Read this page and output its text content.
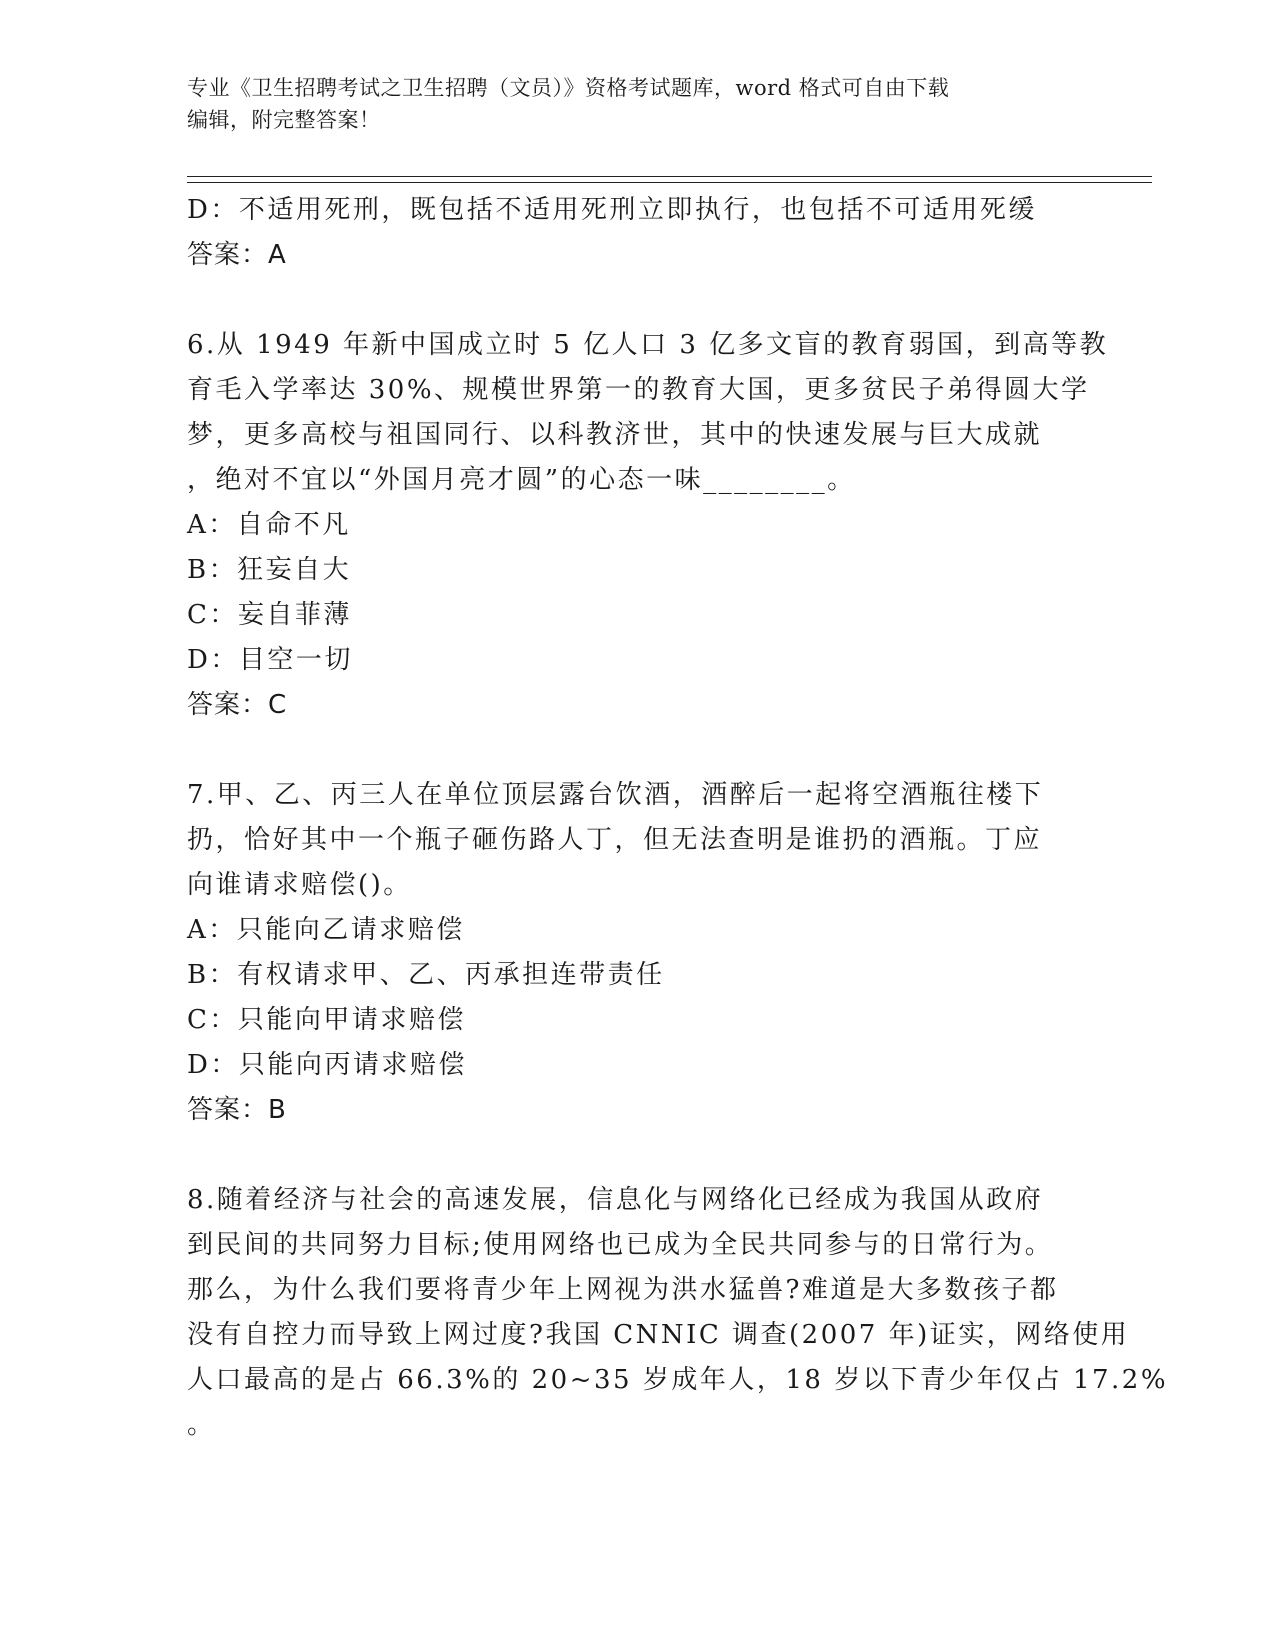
专业《卫生招聘考试之卫生招聘（文员）》资格考试题库，word 格式可自由下载
编辑，附完整答案！
D：不适用死刑，既包括不适用死刑立即执行，也包括不可适用死缓
答案：A
6.从 1949 年新中国成立时 5 亿人口 3 亿多文盲的教育弱国，到高等教
育毛入学率达 30%、规模世界第一的教育大国，更多贫民子弟得圆大学
梦，更多高校与祖国同行、以科教济世，其中的快速发展与巨大成就
，绝对不宜以“外国月亮才圆”的心态一味________。
A：自命不凡
B：狂妄自大
C：妄自菲薄
D：目空一切
答案：C
7.甲、乙、丙三人在单位顶层露台饮酒，酒醉后一起将空酒瓶往楼下
扔，恰好其中一个瓶子砸伤路人丁，但无法查明是谁扔的酒瓶。丁应
向谁请求赔偿()。
A：只能向乙请求赔偿
B：有权请求甲、乙、丙承担连带责任
C：只能向甲请求赔偿
D：只能向丙请求赔偿
答案：B
8.随着经济与社会的高速发展，信息化与网络化已经成为我国从政府
到民间的共同努力目标;使用网络也已成为全民共同参与的日常行为。
那么，为什么我们要将青少年上网视为洪水猛兽?难道是大多数孩子都
没有自控力而导致上网过度?我国 CNNIC 调查(2007 年)证实，网络使用
人口最高的是占 66.3%的 20~35 岁成年人，18 岁以下青少年仅占 17.2%
。
